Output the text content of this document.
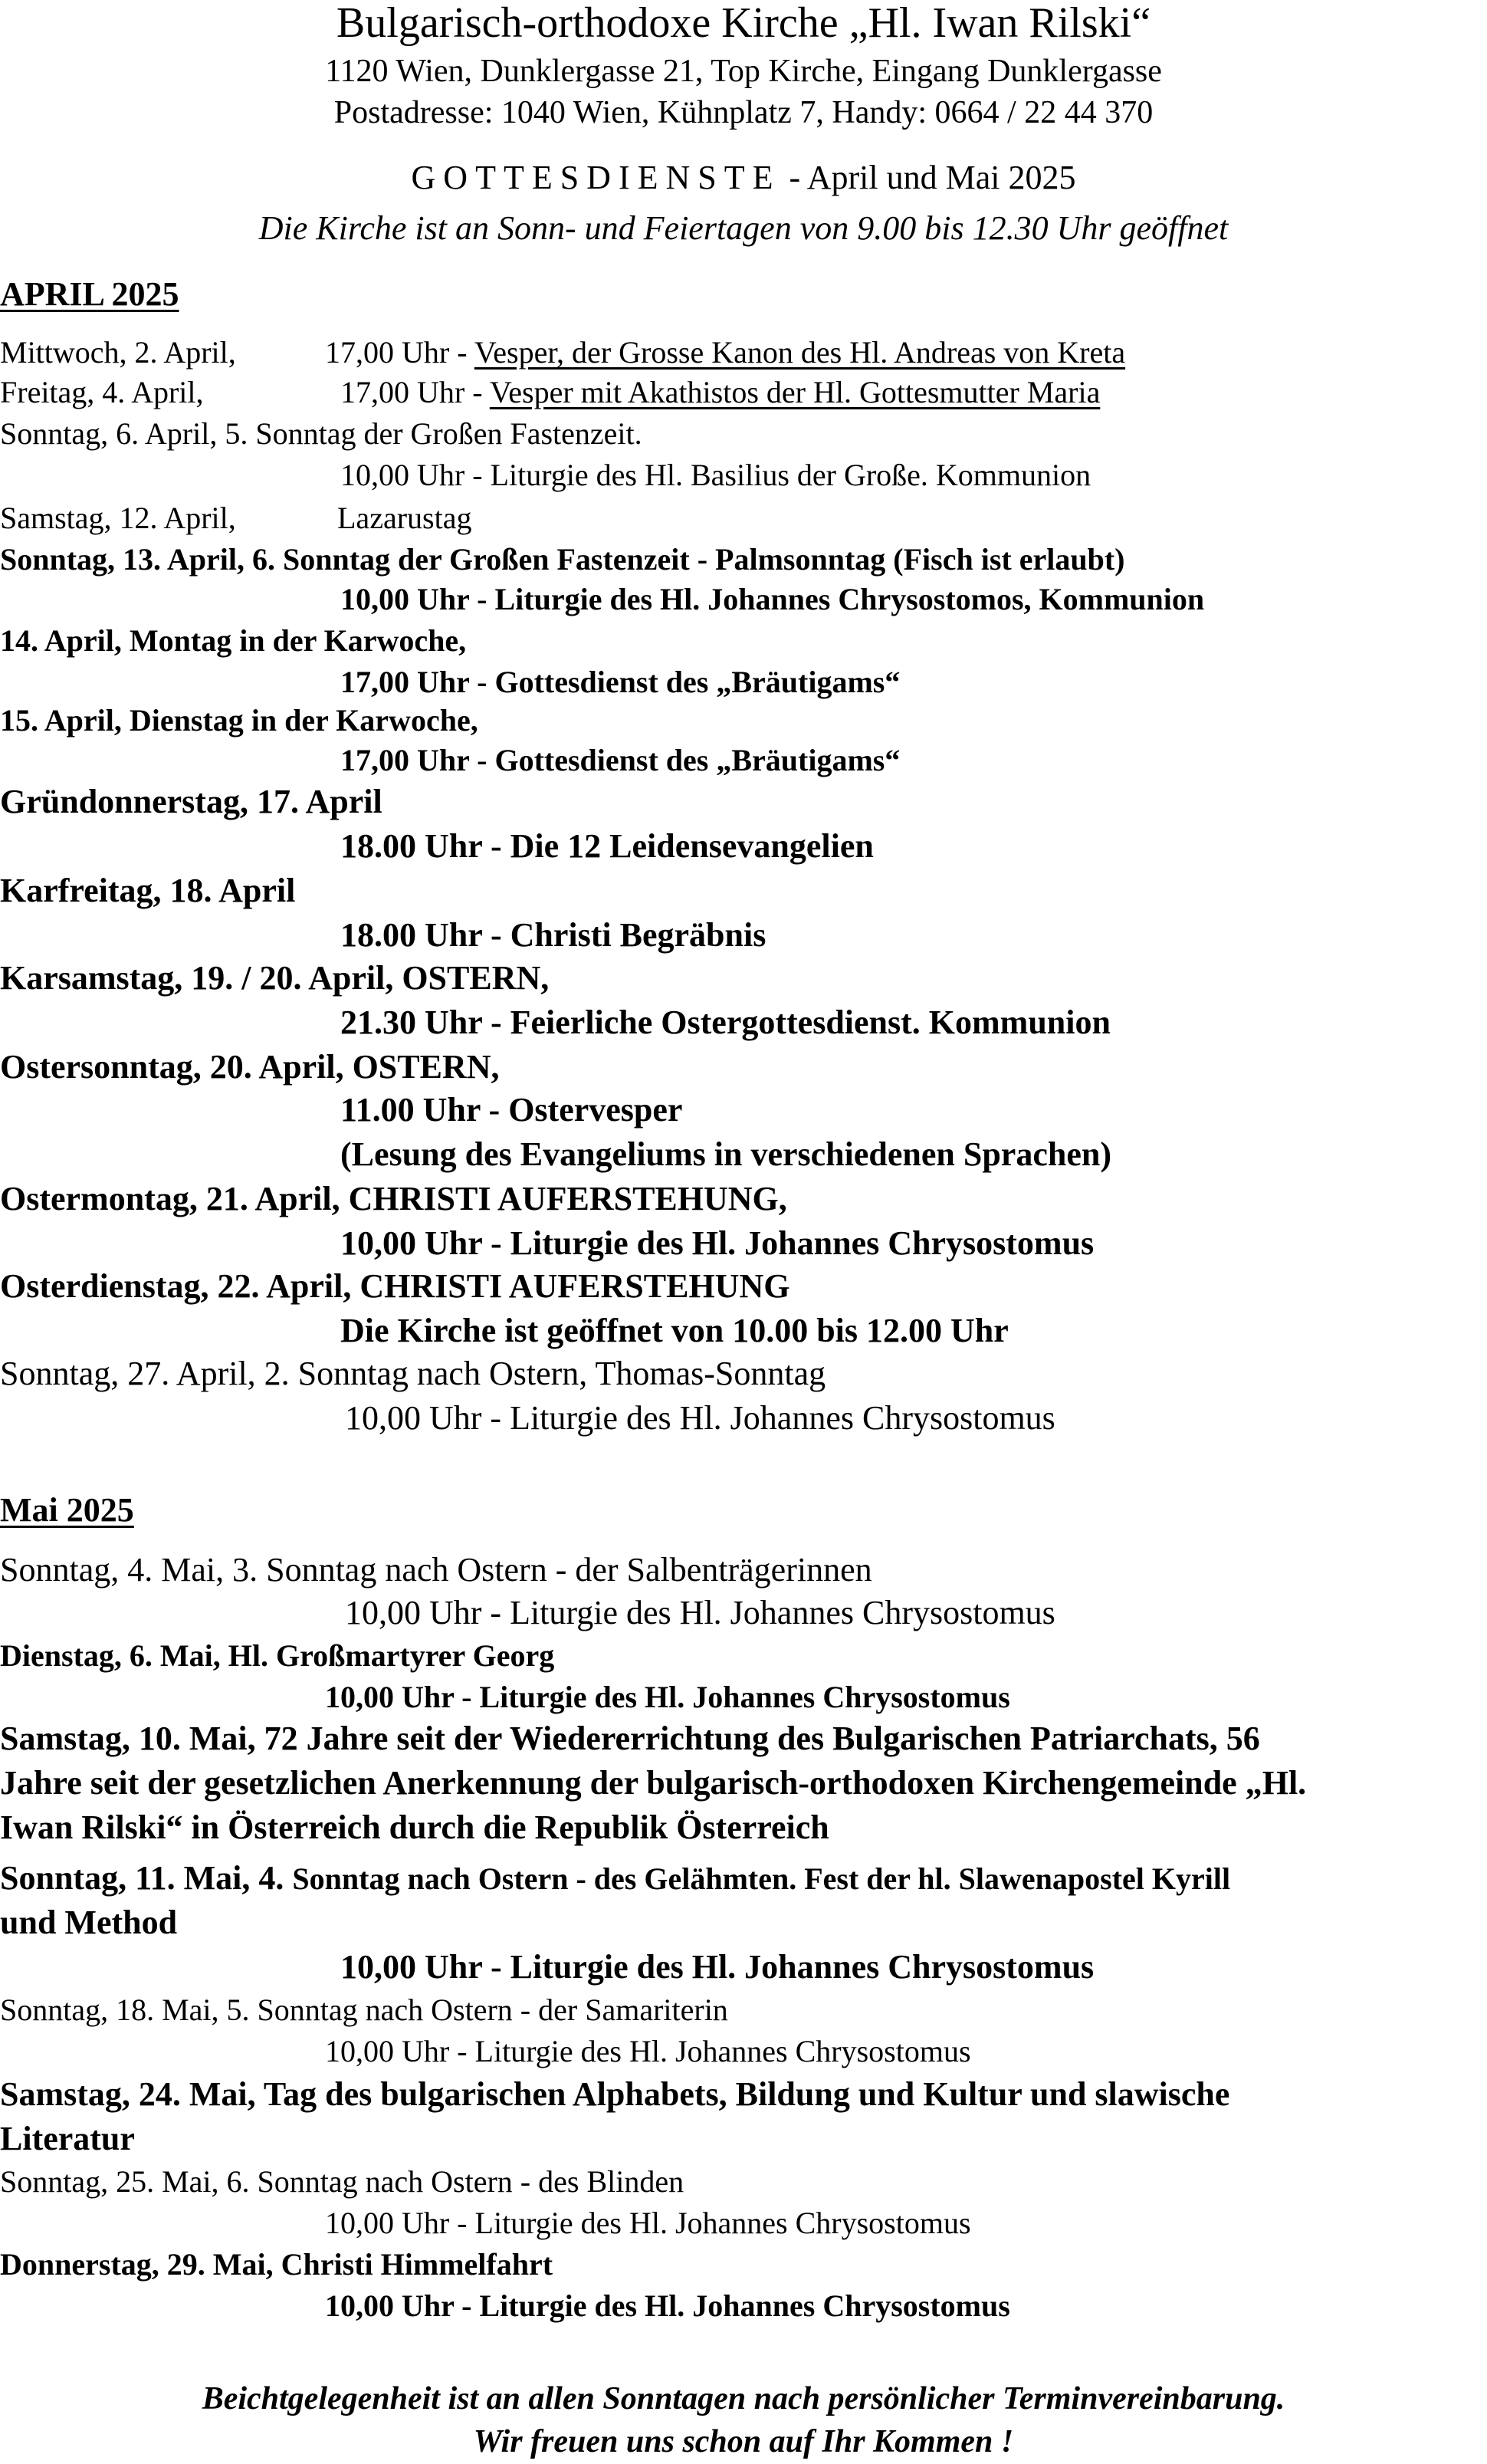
Bulgarisch-orthodoxe Kirche „Hl. Iwan Rilski“
1120 Wien, Dunklergasse 21, Top Kirche, Eingang Dunklergasse
Postadresse: 1040 Wien, Kühnplatz 7, Handy: 0664 / 22 44 370
GOTTESDIENSTE - April und Mai 2025
Die Kirche ist an Sonn- und Feiertagen von 9.00 bis 12.30 Uhr geöffnet
APRIL 2025
Mittwoch, 2. April,	17,00 Uhr - Vesper, der Grosse Kanon des Hl. Andreas von Kreta
Freitag, 4. April,	17,00 Uhr - Vesper mit Akathistos der Hl. Gottesmutter Maria
Sonntag, 6. April, 5. Sonntag der Großen Fastenzeit.
10,00 Uhr - Liturgie des Hl. Basilius der Große. Kommunion
Samstag, 12. April,	Lazarustag
Sonntag, 13. April, 6. Sonntag der Großen Fastenzeit - Palmsonntag (Fisch ist erlaubt)
10,00 Uhr - Liturgie des Hl. Johannes Chrysostomos, Kommunion
14. April, Montag in der Karwoche,
17,00 Uhr - Gottesdienst des „Bräutigams“
15. April, Dienstag in der Karwoche,
17,00 Uhr - Gottesdienst des „Bräutigams“
Gründonnerstag, 17. April
18.00 Uhr - Die 12 Leidensevangelien
Karfreitag, 18. April
18.00 Uhr - Christi Begräbnis
Karsamstag, 19. / 20. April, OSTERN,
21.30 Uhr - Feierliche Ostergottesdienst. Kommunion
Ostersonntag, 20. April, OSTERN,
11.00 Uhr - Ostervesper
(Lesung des Evangeliums in verschiedenen Sprachen)
Ostermontag, 21. April, CHRISTI AUFERSTEHUNG,
10,00 Uhr - Liturgie des Hl. Johannes Chrysostomus
Osterdienstag, 22. April, CHRISTI AUFERSTEHUNG
Die Kirche ist geöffnet von 10.00 bis 12.00 Uhr
Sonntag, 27. April, 2. Sonntag nach Ostern, Thomas-Sonntag
10,00 Uhr - Liturgie des Hl. Johannes Chrysostomus
Mai 2025
Sonntag, 4. Mai, 3. Sonntag nach Ostern - der Salbenträgerinnen
10,00 Uhr - Liturgie des Hl. Johannes Chrysostomus
Dienstag, 6. Mai, Hl. Großmartyrer Georg
10,00 Uhr - Liturgie des Hl. Johannes Chrysostomus
Samstag, 10. Mai, 72 Jahre seit der Wiedererrichtung des Bulgarischen Patriarchats, 56
Jahre seit der gesetzlichen Anerkennung der bulgarisch-orthodoxen Kirchengemeinde „Hl.
Iwan Rilski“ in Österreich durch die Republik Österreich
Sonntag, 11. Mai, 4. Sonntag nach Ostern - des Gelähmten. Fest der hl. Slawenapostel Kyrill
und Method
10,00 Uhr - Liturgie des Hl. Johannes Chrysostomus
Sonntag, 18. Mai, 5. Sonntag nach Ostern - der Samariterin
10,00 Uhr - Liturgie des Hl. Johannes Chrysostomus
Samstag, 24. Mai, Tag des bulgarischen Alphabets, Bildung und Kultur und slawische
Literatur
Sonntag, 25. Mai, 6. Sonntag nach Ostern - des Blinden
10,00 Uhr - Liturgie des Hl. Johannes Chrysostomus
Donnerstag, 29. Mai, Christi Himmelfahrt
10,00 Uhr - Liturgie des Hl. Johannes Chrysostomus
Beichtgelegenheit ist an allen Sonntagen nach persönlicher Terminvereinbarung.
Wir freuen uns schon auf Ihr Kommen !
